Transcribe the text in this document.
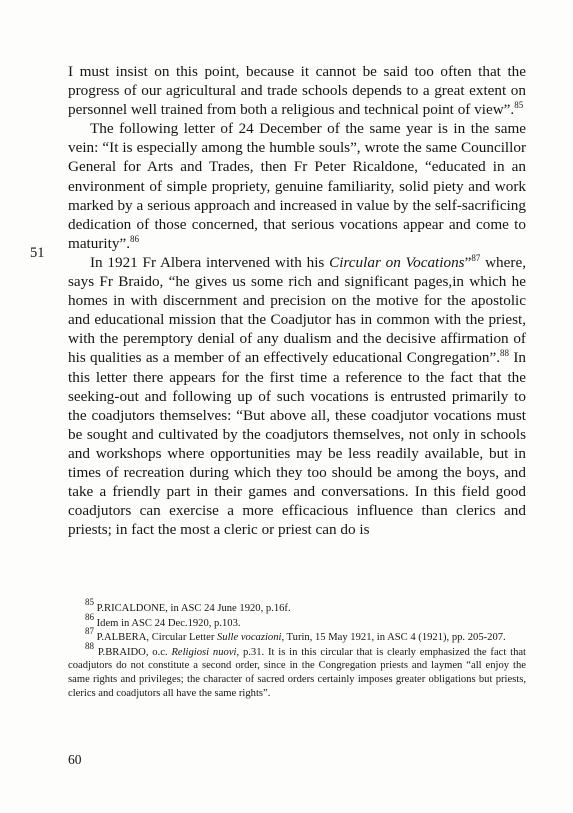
51

I must insist on this point, because it cannot be said too often that the progress of our agricultural and trade schools depends to a great extent on personnel well trained from both a religious and technical point of view”.$^{85}$

The following letter of 24 December of the same year is in the same vein: “It is especially among the humble souls”, wrote the same Councillor General for Arts and Trades, then Fr Peter Ricaldone, “educated in an environment of simple propriety, genuine familiarity, solid piety and work marked by a serious approach and increased in value by the self-sacrificing dedication of those concerned, that serious vocations appear and come to maturity”.$^{86}$

In 1921 Fr Albera intervened with his Circular on Vocations”$^{87}$ where, says Fr Braido, “he gives us some rich and significant pages,in which he homes in with discernment and precision on the motive for the apostolic and educational mission that the Coadjutor has in common with the priest, with the peremptory denial of any dualism and the decisive affirmation of his qualities as a member of an effectively educational Congregation”.$^{88}$ In this letter there appears for the first time a reference to the fact that the seeking-out and following up of such vocations is entrusted primarily to the coadjutors themselves: “But above all, these coadjutor vocations must be sought and cultivated by the coadjutors themselves, not only in schools and workshops where opportunities may be less readily available, but in times of recreation during which they too should be among the boys, and take a friendly part in their games and conversations. In this field good coadjutors can exercise a more efficacious influence than clerics and priests; in fact the most a cleric or priest can do is

$^{85}$ P.RICALDONE, in ASC 24 June 1920, p.16f.

$^{86}$ Idem in ASC 24 Dec.1920, p.103.

$^{87}$ P.ALBERA, Circular Letter Sulle vocazioni, Turin, 15 May 1921, in ASC 4 (1921), pp. 205-207.

$^{88}$ P.BRAIDO, o.c. Religiosi nuovi, p.31. It is in this circular that is clearly emphasized the fact that coadjutors do not constitute a second order, since in the Congregation priests and laymen “all enjoy the same rights and privileges; the character of sacred orders certainly imposes greater obligations but priests, clerics and coadjutors all have the same rights”.

60
